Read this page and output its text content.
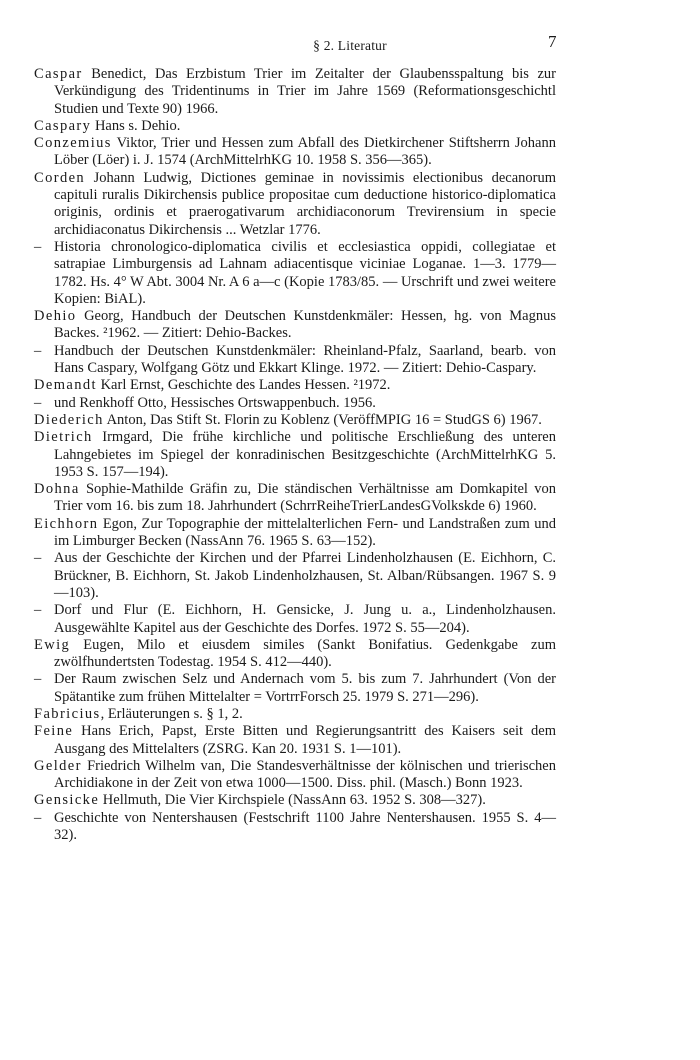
§ 2. Literatur	7

Caspar Benedict, Das Erzbistum Trier im Zeitalter der Glaubensspaltung bis zur Verkündigung des Tridentinums in Trier im Jahre 1569 (Reformationsgeschichtl Studien und Texte 90) 1966.

Caspary Hans s. Dehio.

Conzemius Viktor, Trier und Hessen zum Abfall des Dietkirchener Stiftsherrn Johann Löber (Löer) i. J. 1574 (ArchMittelrhKG 10. 1958 S. 356—365).

Corden Johann Ludwig, Dictiones geminae in novissimis electionibus decanorum capituli ruralis Dikirchensis publice propositae cum deductione historico-diplomatica originis, ordinis et praerogativarum archidiaconorum Trevirensium in specie archidiaconatus Dikirchensis ... Wetzlar 1776.

– Historia chronologico-diplomatica civilis et ecclesiastica oppidi, collegiatae et satrapiae Limburgensis ad Lahnam adiacentisque viciniae Loganae. 1—3. 1779—1782. Hs. 4° W Abt. 3004 Nr. A 6 a—c (Kopie 1783/85. — Urschrift und zwei weitere Kopien: BiAL).

Dehio Georg, Handbuch der Deutschen Kunstdenkmäler: Hessen, hg. von Magnus Backes. ²1962. — Zitiert: Dehio-Backes.

– Handbuch der Deutschen Kunstdenkmäler: Rheinland-Pfalz, Saarland, bearb. von Hans Caspary, Wolfgang Götz und Ekkart Klinge. 1972. — Zitiert: Dehio-Caspary.

Demandt Karl Ernst, Geschichte des Landes Hessen. ²1972.

– und Renkhoff Otto, Hessisches Ortswappenbuch. 1956.

Diederich Anton, Das Stift St. Florin zu Koblenz (VeröffMPIG 16 = StudGS 6) 1967.

Dietrich Irmgard, Die frühe kirchliche und politische Erschließung des unteren Lahngebietes im Spiegel der konradinischen Besitzgeschichte (ArchMittelrhKG 5. 1953 S. 157—194).

Dohna Sophie-Mathilde Gräfin zu, Die ständischen Verhältnisse am Domkapitel von Trier vom 16. bis zum 18. Jahrhundert (SchrrReiheTrierLandesGVolkskde 6) 1960.

Eichhorn Egon, Zur Topographie der mittelalterlichen Fern- und Landstraßen zum und im Limburger Becken (NassAnn 76. 1965 S. 63—152).

– Aus der Geschichte der Kirchen und der Pfarrei Lindenholzhausen (E. Eichhorn, C. Brückner, B. Eichhorn, St. Jakob Lindenholzhausen, St. Alban/Rübsangen. 1967 S. 9—103).

– Dorf und Flur (E. Eichhorn, H. Gensicke, J. Jung u. a., Lindenholzhausen. Ausgewählte Kapitel aus der Geschichte des Dorfes. 1972 S. 55—204).

Ewig Eugen, Milo et eiusdem similes (Sankt Bonifatius. Gedenkgabe zum zwölfhundertsten Todestag. 1954 S. 412—440).

– Der Raum zwischen Selz und Andernach vom 5. bis zum 7. Jahrhundert (Von der Spätantike zum frühen Mittelalter = VortrrForsch 25. 1979 S. 271—296).

Fabricius, Erläuterungen s. § 1, 2.

Feine Hans Erich, Papst, Erste Bitten und Regierungsantritt des Kaisers seit dem Ausgang des Mittelalters (ZSRG. Kan 20. 1931 S. 1—101).

Gelder Friedrich Wilhelm van, Die Standesverhältnisse der kölnischen und trierischen Archidiakone in der Zeit von etwa 1000—1500. Diss. phil. (Masch.) Bonn 1923.

Gensicke Hellmuth, Die Vier Kirchspiele (NassAnn 63. 1952 S. 308—327).

– Geschichte von Nentershausen (Festschrift 1100 Jahre Nentershausen. 1955 S. 4—32).
